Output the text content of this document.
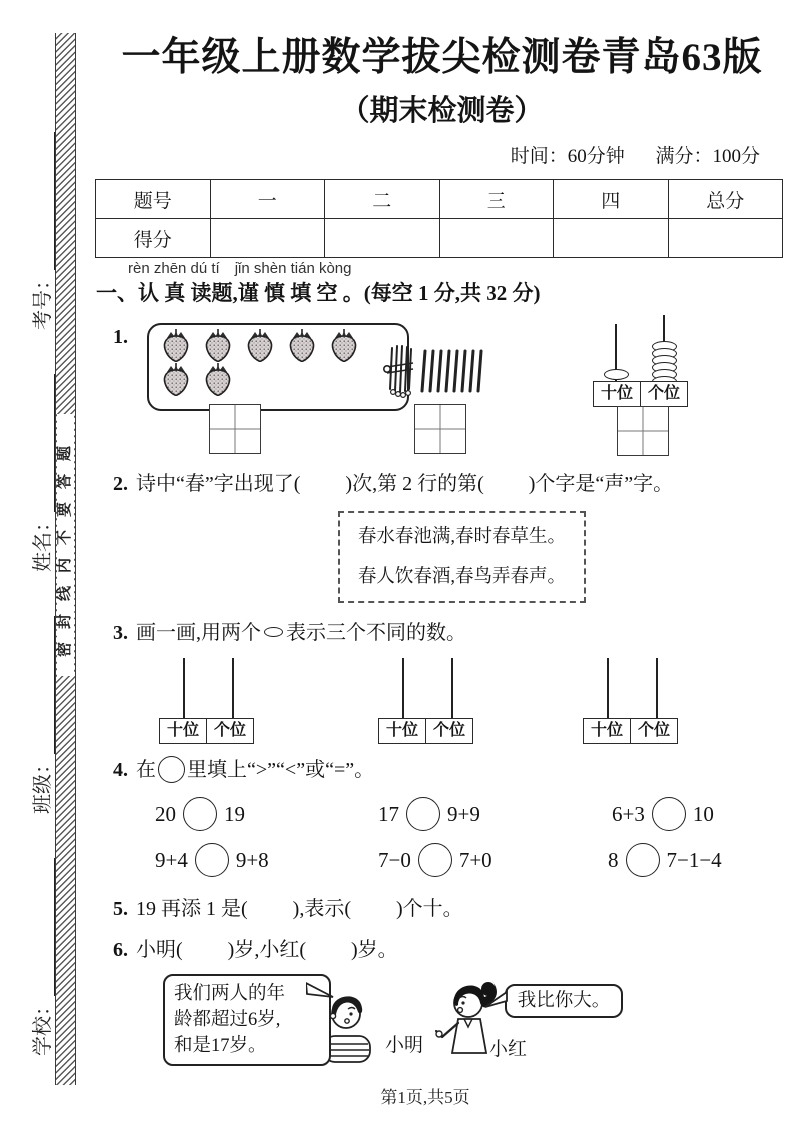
密封线内不要答题
学校：
班级：
姓名：
考号：
一年级上册数学拔尖检测卷青岛63版
（期末检测卷）
时间：60分钟 满分：100分
题号	一	二	三	四	总分
得分					
rèn zhēn dú tí　jǐn shèn tián kòng
一、认 真 读题,谨 慎 填 空 。(每空 1 分,共 32 分)
1.
十位 个位
2. 诗中“春”字出现了(         )次,第 2 行的第(         )个字是“声”字。
春水春池满,春时春草生。
春人饮春酒,春鸟弄春声。
3. 画一画,用两个 表示三个不同的数。
十位 个位	十位 个位	十位 个位
4. 在 里填上“>”“<”或“=”。
20 19	17 9+9	6+3 10
9+4 9+8	7−0 7+0	8 7−1−4
5. 19 再添 1 是(         ),表示(         )个十。
6. 小明(         )岁,小红(         )岁。
我们两人的年
龄都超过6岁,
和是17岁。	小明
我比你大。
小红
第1页,共5页
